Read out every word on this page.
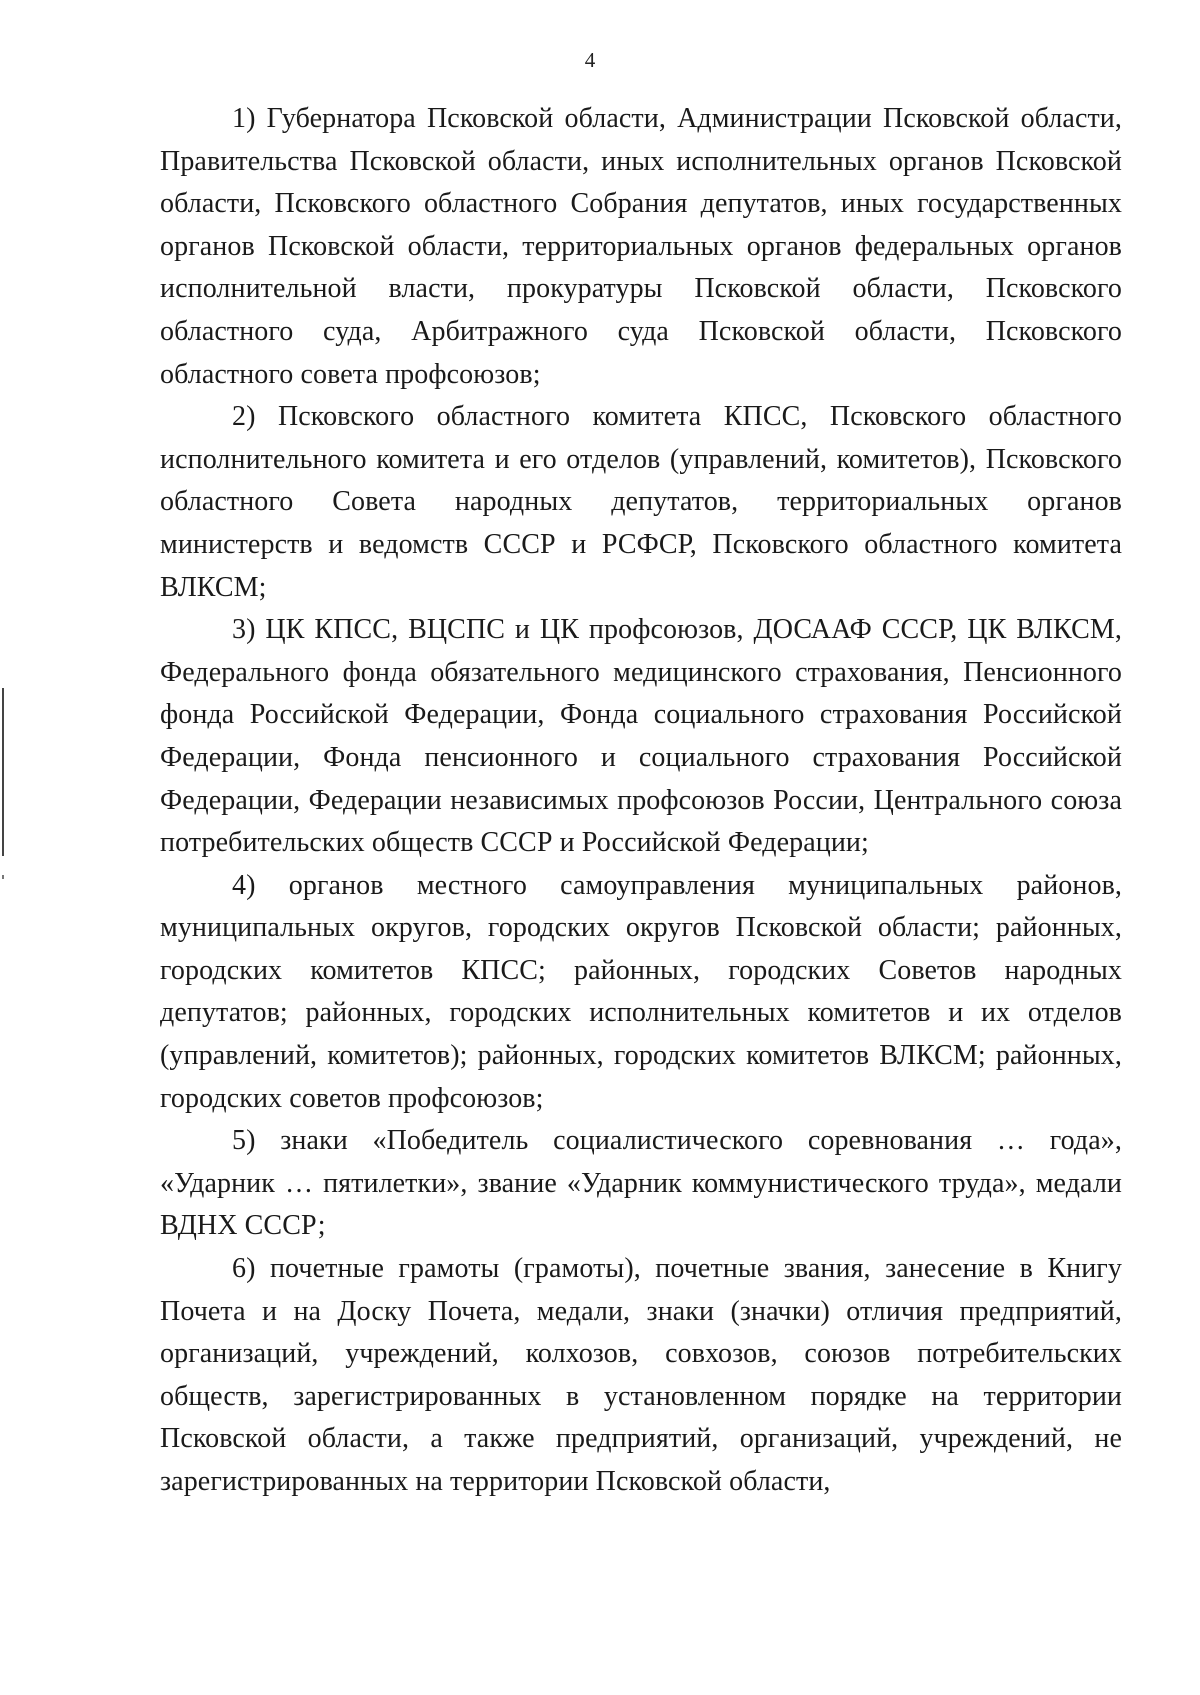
4

1) Губернатора Псковской области, Администрации Псковской области, Правительства Псковской области, иных исполнительных органов Псковской области, Псковского областного Собрания депутатов, иных государственных органов Псковской области, территориальных органов федеральных органов исполнительной власти, прокуратуры Псковской области, Псковского областного суда, Арбитражного суда Псковской области, Псковского областного совета профсоюзов;

2) Псковского областного комитета КПСС, Псковского областного исполнительного комитета и его отделов (управлений, комитетов), Псковского областного Совета народных депутатов, территориальных органов министерств и ведомств СССР и РСФСР, Псковского областного комитета ВЛКСМ;

3) ЦК КПСС, ВЦСПС и ЦК профсоюзов, ДОСААФ СССР, ЦК ВЛКСМ, Федерального фонда обязательного медицинского страхования, Пенсионного фонда Российской Федерации, Фонда социального страхования Российской Федерации, Фонда пенсионного и социального страхования Российской Федерации, Федерации независимых профсоюзов России, Центрального союза потребительских обществ СССР и Российской Федерации;

4) органов местного самоуправления муниципальных районов, муниципальных округов, городских округов Псковской области; районных, городских комитетов КПСС; районных, городских Советов народных депутатов; районных, городских исполнительных комитетов и их отделов (управлений, комитетов); районных, городских комитетов ВЛКСМ; районных, городских советов профсоюзов;

5) знаки «Победитель социалистического соревнования … года», «Ударник … пятилетки», звание «Ударник коммунистического труда», медали ВДНХ СССР;

6) почетные грамоты (грамоты), почетные звания, занесение в Книгу Почета и на Доску Почета, медали, знаки (значки) отличия предприятий, организаций, учреждений, колхозов, совхозов, союзов потребительских обществ, зарегистрированных в установленном порядке на территории Псковской области, а также предприятий, организаций, учреждений, не зарегистрированных на территории Псковской области,
